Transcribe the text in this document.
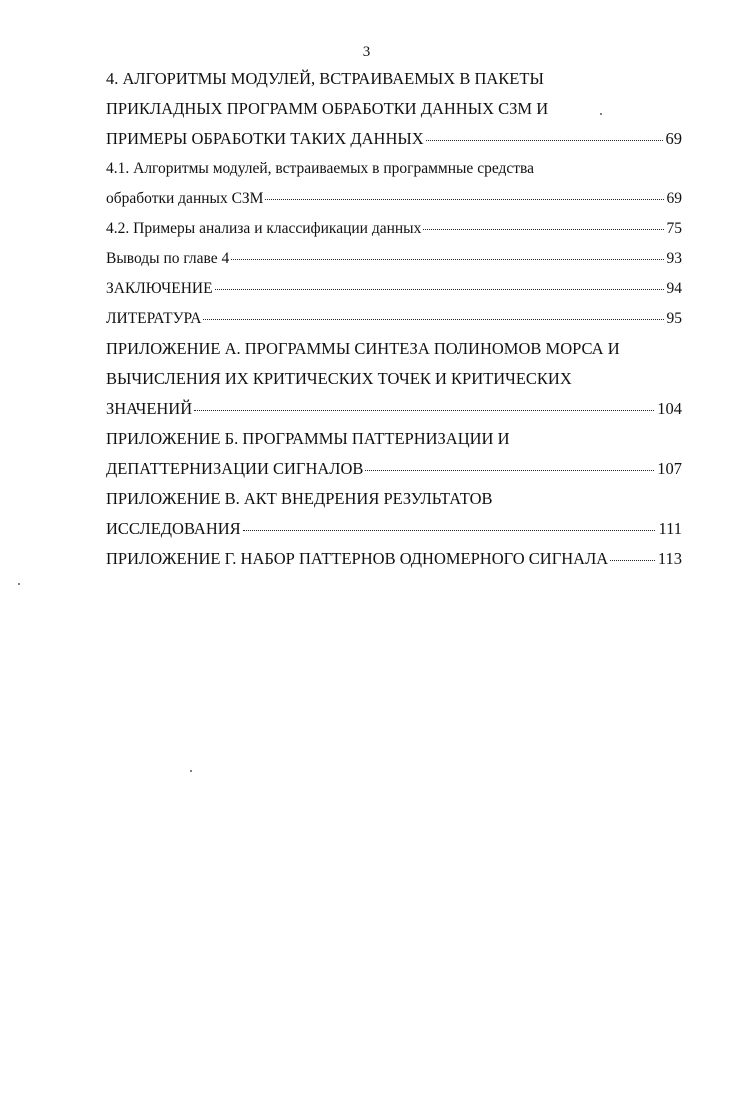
3
4. АЛГОРИТМЫ МОДУЛЕЙ, ВСТРАИВАЕМЫХ В ПАКЕТЫ
ПРИКЛАДНЫХ ПРОГРАММ ОБРАБОТКИ ДАННЫХ СЗМ И
ПРИМЕРЫ ОБРАБОТКИ ТАКИХ ДАННЫХ	69
4.1. Алгоритмы модулей, встраиваемых в программные средства
обработки данных СЗМ	69
4.2. Примеры анализа и классификации данных	75
Выводы по главе 4	93
ЗАКЛЮЧЕНИЕ	94
ЛИТЕРАТУРА	95
ПРИЛОЖЕНИЕ А. ПРОГРАММЫ СИНТЕЗА ПОЛИНОМОВ МОРСА И
ВЫЧИСЛЕНИЯ ИХ КРИТИЧЕСКИХ ТОЧЕК И КРИТИЧЕСКИХ
ЗНАЧЕНИЙ	104
ПРИЛОЖЕНИЕ Б. ПРОГРАММЫ ПАТТЕРНИЗАЦИИ И
ДЕПАТТЕРНИЗАЦИИ СИГНАЛОВ	107
ПРИЛОЖЕНИЕ В. АКТ ВНЕДРЕНИЯ РЕЗУЛЬТАТОВ
ИССЛЕДОВАНИЯ	111
ПРИЛОЖЕНИЕ Г. НАБОР ПАТТЕРНОВ ОДНОМЕРНОГО СИГНАЛА	113
